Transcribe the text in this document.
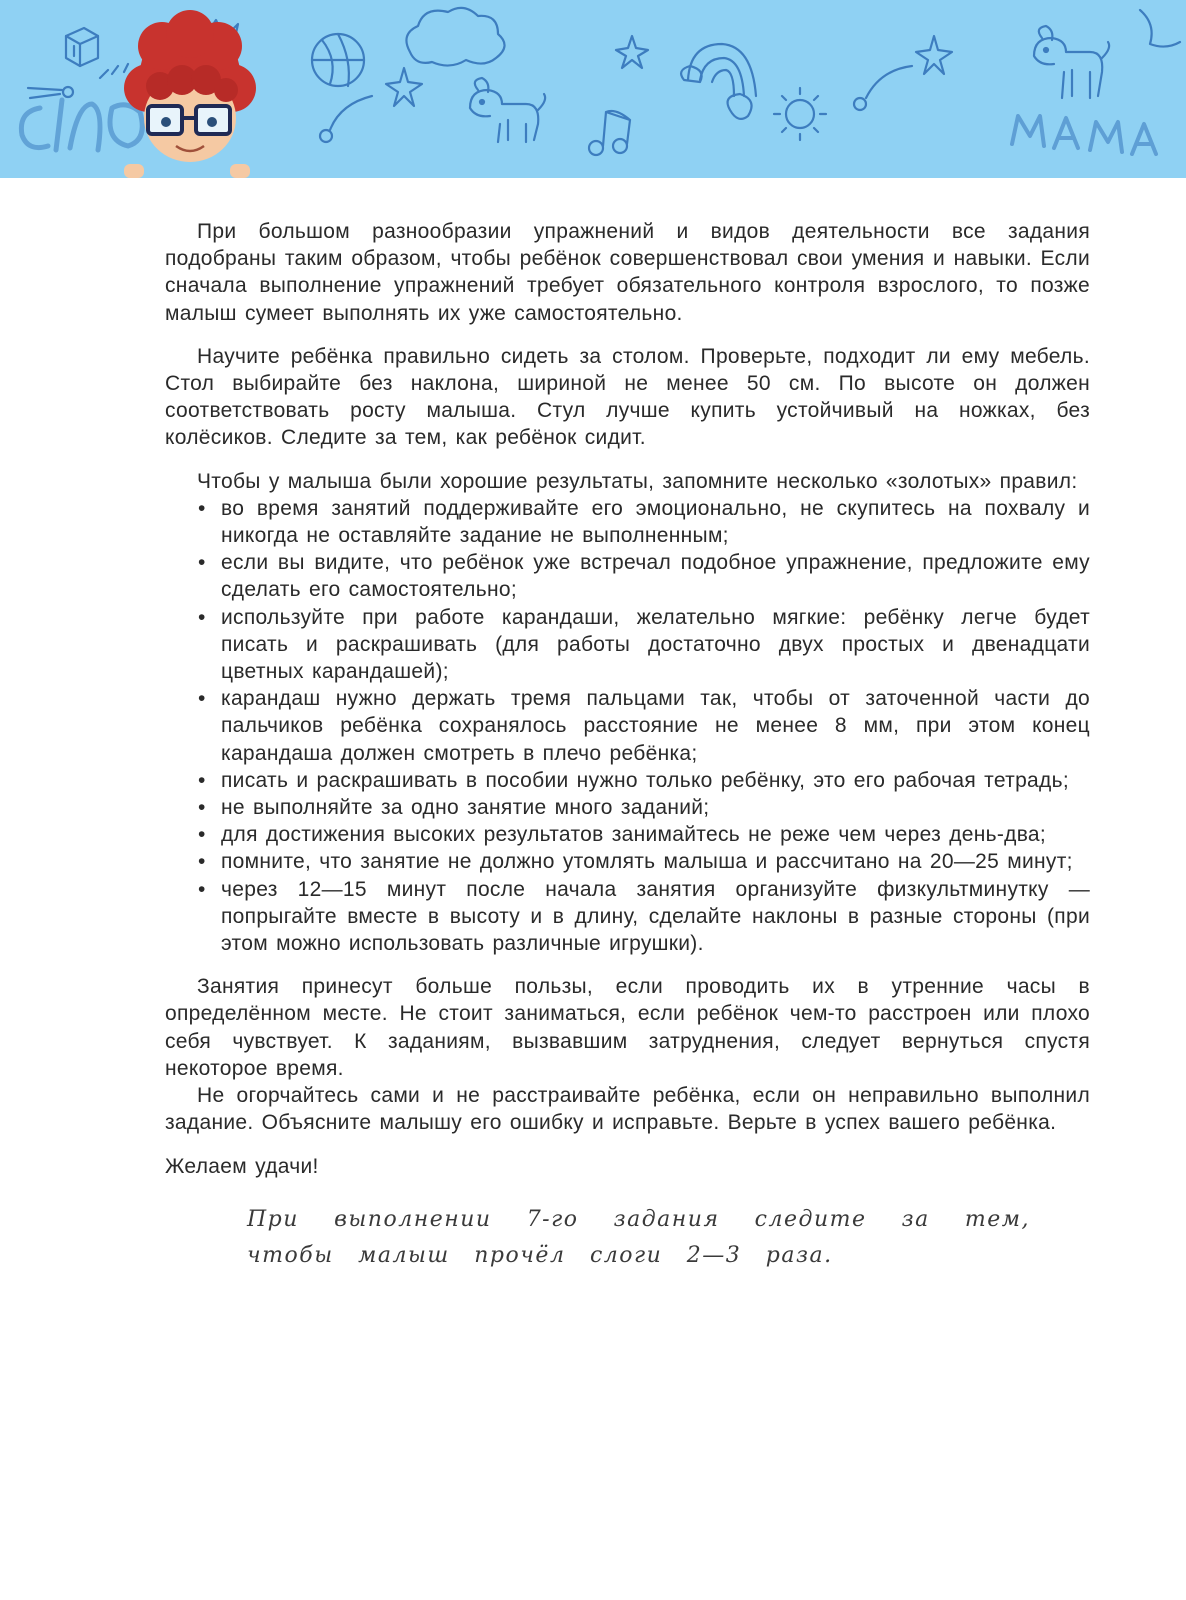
При большом разнообразии упражнений и видов деятельности все задания подобраны таким образом, чтобы ребёнок совершенствовал свои умения и навыки. Если сначала выполнение упражнений требует обязательного контроля взрослого, то позже малыш сумеет выполнять их уже самостоятельно.

Научите ребёнка правильно сидеть за столом. Проверьте, подходит ли ему мебель. Стол выбирайте без наклона, шириной не менее 50 см. По высоте он должен соответствовать росту малыша. Стул лучше купить устойчивый на ножках, без колёсиков. Следите за тем, как ребёнок сидит.

Чтобы у малыша были хорошие результаты, запомните несколько «золотых» правил:

• во время занятий поддерживайте его эмоционально, не скупитесь на похвалу и никогда не оставляйте задание не выполненным;
• если вы видите, что ребёнок уже встречал подобное упражнение, предложите ему сделать его самостоятельно;
• используйте при работе карандаши, желательно мягкие: ребёнку легче будет писать и раскрашивать (для работы достаточно двух простых и двенадцати цветных карандашей);
• карандаш нужно держать тремя пальцами так, чтобы от заточенной части до пальчиков ребёнка сохранялось расстояние не менее 8 мм, при этом конец карандаша должен смотреть в плечо ребёнка;
• писать и раскрашивать в пособии нужно только ребёнку, это его рабочая тетрадь;
• не выполняйте за одно занятие много заданий;
• для достижения высоких результатов занимайтесь не реже чем через день-два;
• помните, что занятие не должно утомлять малыша и рассчитано на 20—25 минут;
• через 12—15 минут после начала занятия организуйте физкультминутку — попрыгайте вместе в высоту и в длину, сделайте наклоны в разные стороны (при этом можно использовать различные игрушки).

Занятия принесут больше пользы, если проводить их в утренние часы в определённом месте. Не стоит заниматься, если ребёнок чем-то расстроен или плохо себя чувствует. К заданиям, вызвавшим затруднения, следует вернуться спустя некоторое время.

Не огорчайтесь сами и не расстраивайте ребёнка, если он неправильно выполнил задание. Объясните малышу его ошибку и исправьте. Верьте в успех вашего ребёнка.

Желаем удачи!

При выполнении 7-го задания следите за тем, чтобы малыш прочёл слоги 2—3 раза.
